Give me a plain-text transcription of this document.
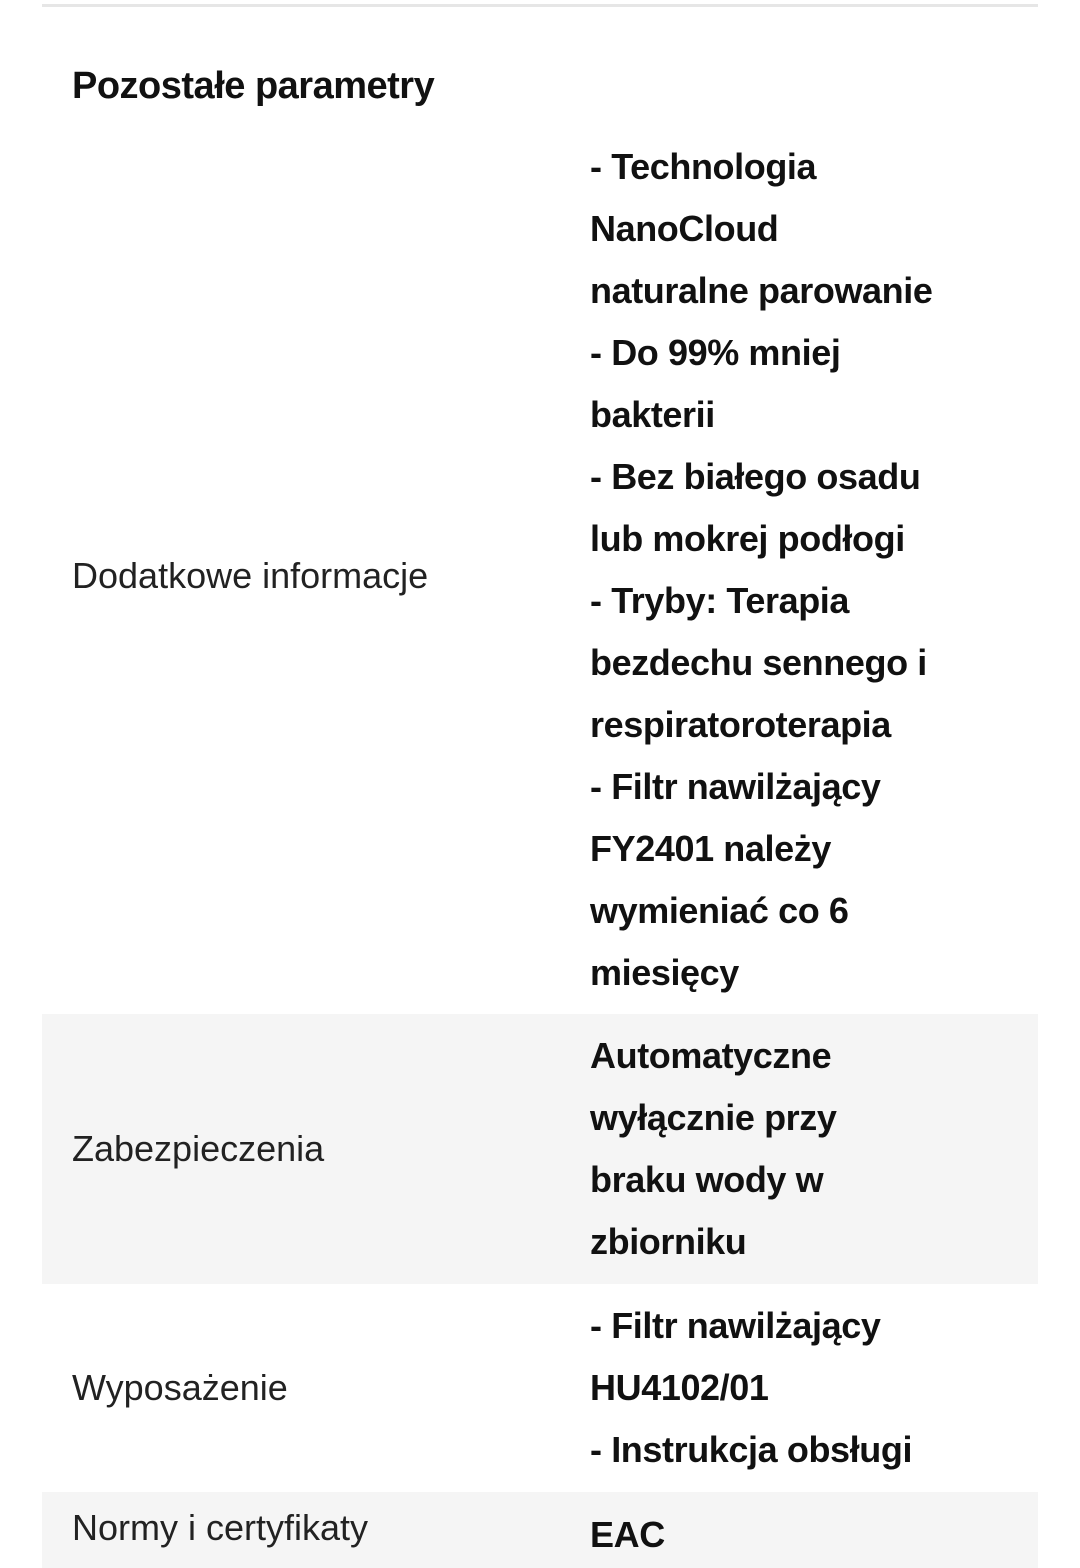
Pozostałe parametry
Dodatkowe informacje
- Technologia
NanoCloud
naturalne parowanie
- Do 99% mniej
bakterii
- Bez białego osadu
lub mokrej podłogi
- Tryby: Terapia
bezdechu sennego i
respiratoroterapia
- Filtr nawilżający
FY2401 należy
wymieniać co 6
miesięcy
Zabezpieczenia
Automatyczne
wyłącznie przy
braku wody w
zbiorniku
Wyposażenie
- Filtr nawilżający
HU4102/01
- Instrukcja obsługi
Normy i certyfikaty	EAC
